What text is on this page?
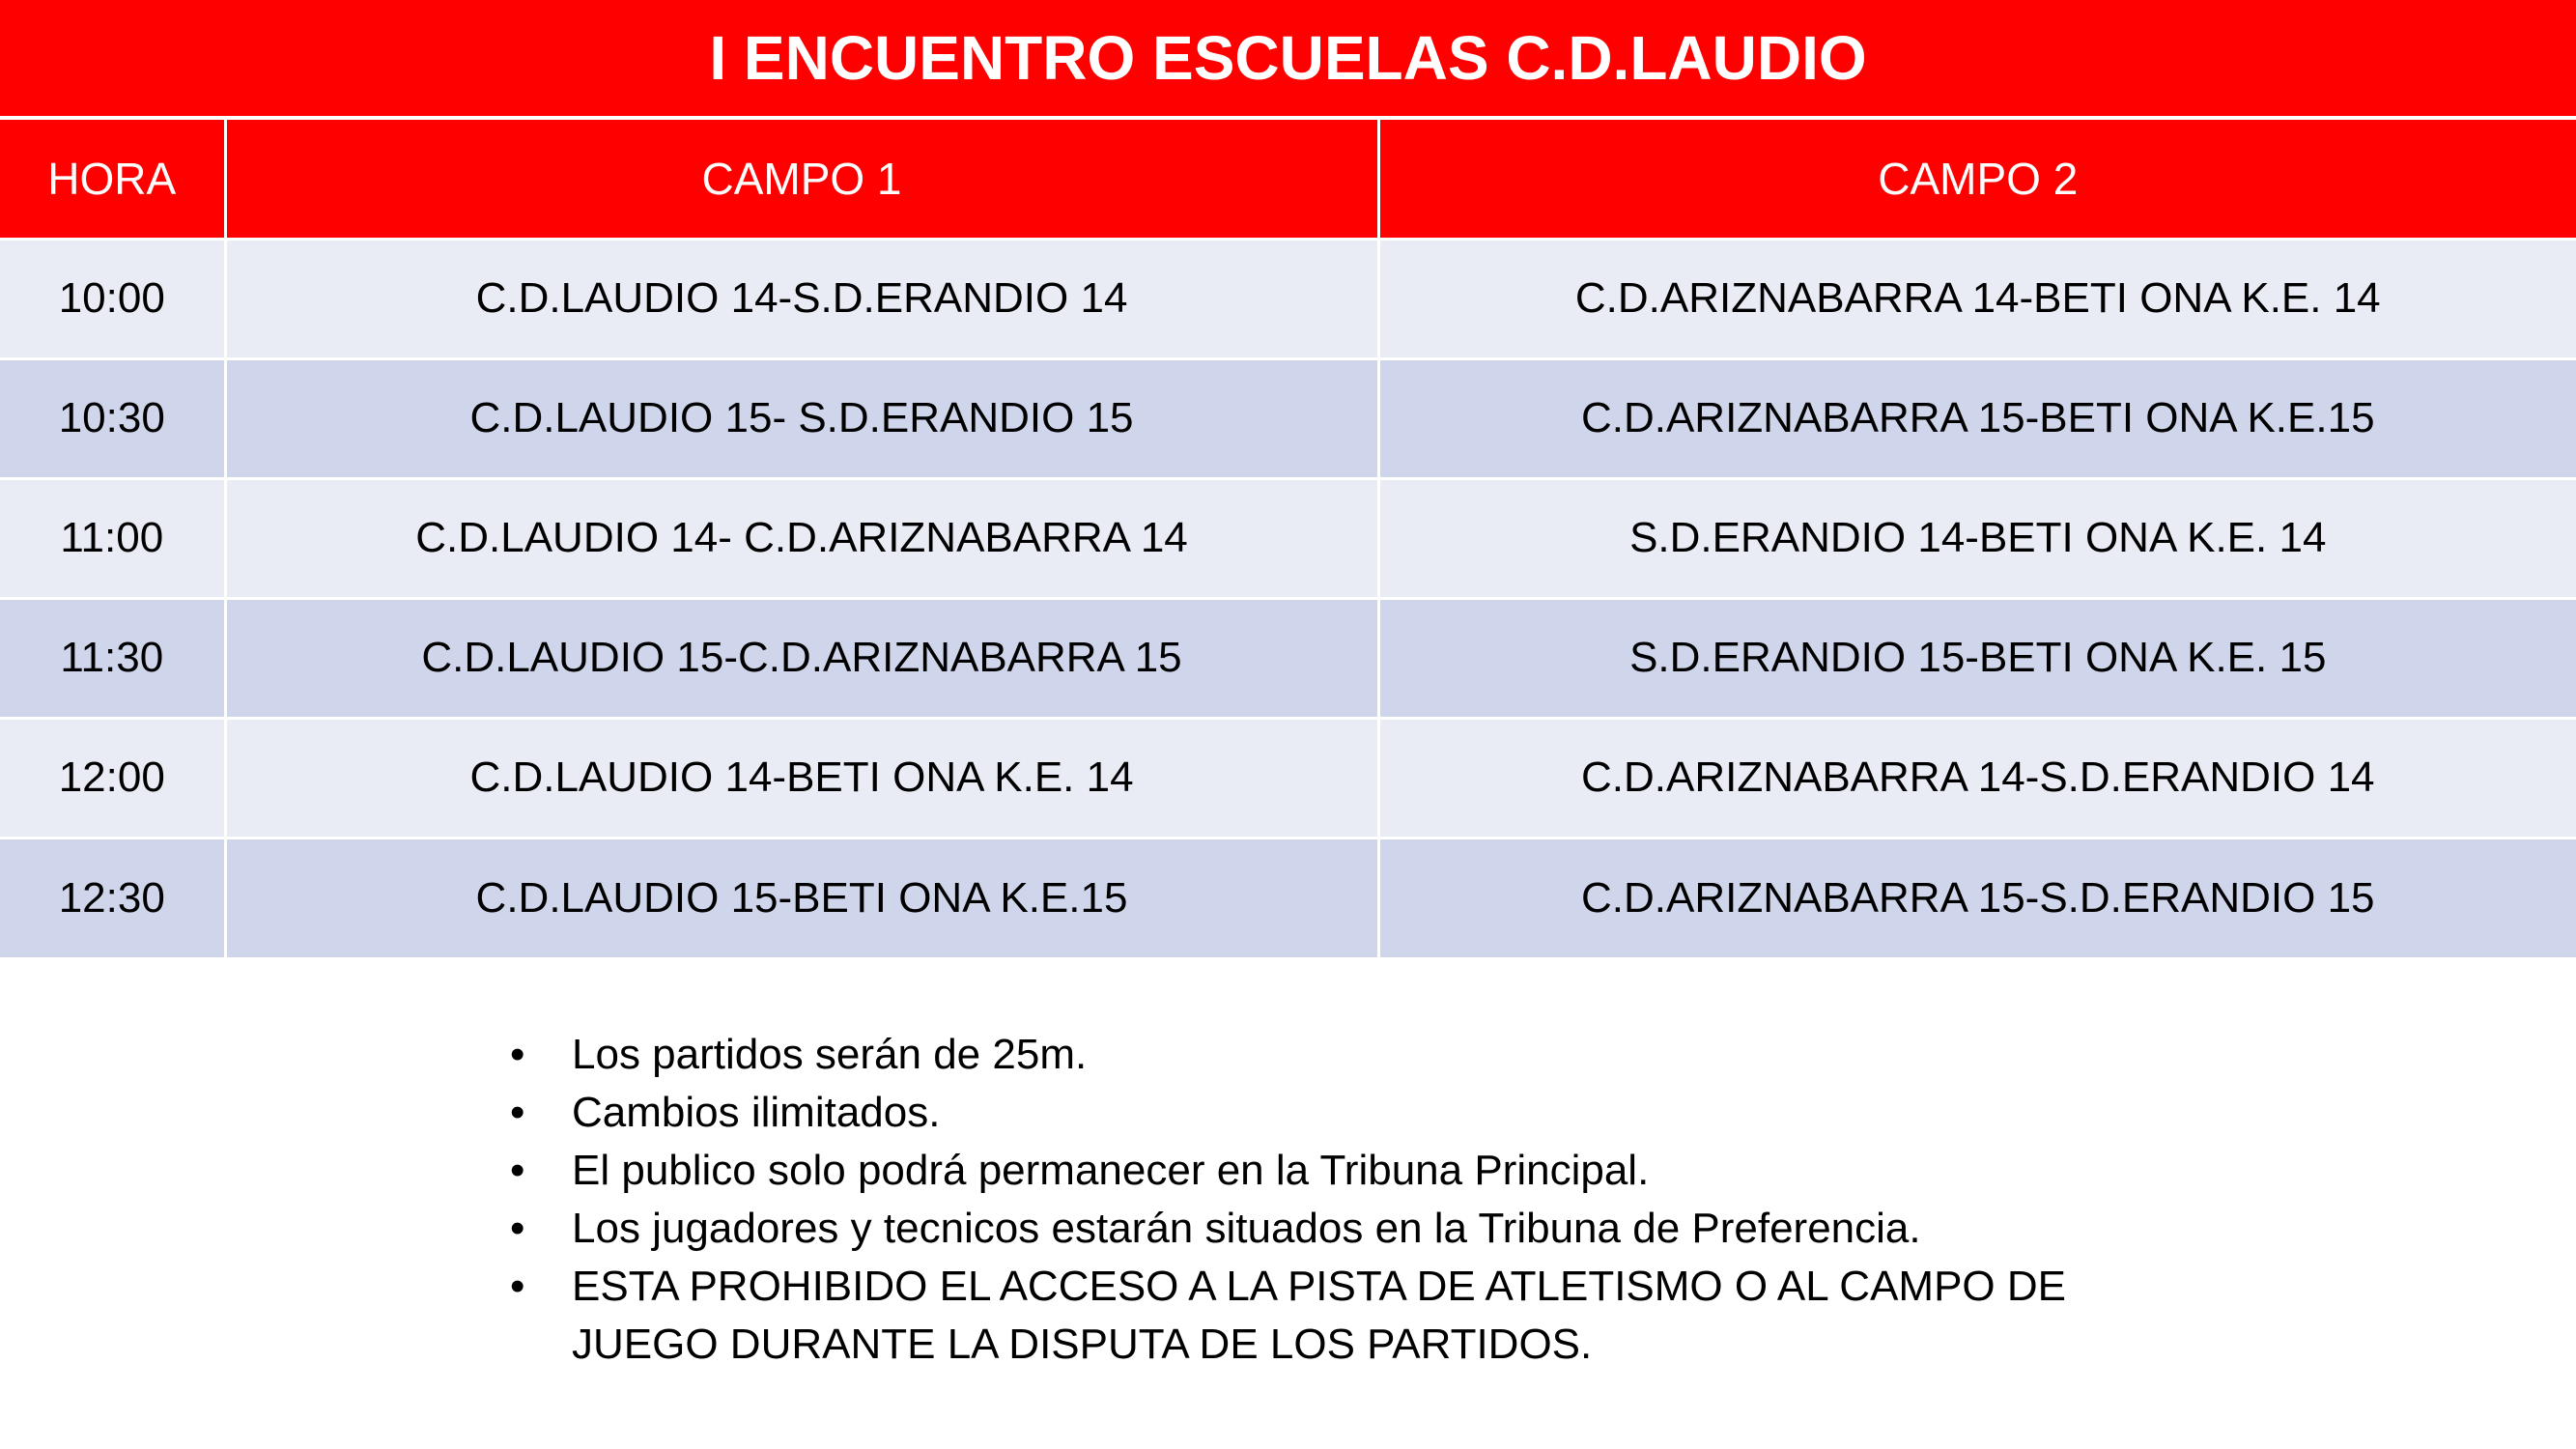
I ENCUENTRO ESCUELAS C.D.LAUDIO		
HORA	CAMPO 1	CAMPO 2
10:00	C.D.LAUDIO 14-S.D.ERANDIO 14	C.D.ARIZNABARRA 14-BETI ONA K.E. 14
10:30	C.D.LAUDIO 15- S.D.ERANDIO 15	C.D.ARIZNABARRA 15-BETI ONA K.E.15
11:00	C.D.LAUDIO 14- C.D.ARIZNABARRA 14	S.D.ERANDIO 14-BETI ONA K.E. 14
11:30	C.D.LAUDIO 15-C.D.ARIZNABARRA 15	S.D.ERANDIO 15-BETI ONA K.E. 15
12:00	C.D.LAUDIO 14-BETI ONA K.E. 14	C.D.ARIZNABARRA 14-S.D.ERANDIO 14
12:30	C.D.LAUDIO 15-BETI ONA K.E.15	C.D.ARIZNABARRA 15-S.D.ERANDIO 15
• Los partidos serán de 25m.
• Cambios ilimitados.
• El publico solo podrá permanecer en la Tribuna Principal.
• Los jugadores y tecnicos estarán situados en la Tribuna de Preferencia.
• ESTA PROHIBIDO EL ACCESO A LA PISTA DE ATLETISMO O AL CAMPO DE JUEGO DURANTE LA DISPUTA DE LOS PARTIDOS.
